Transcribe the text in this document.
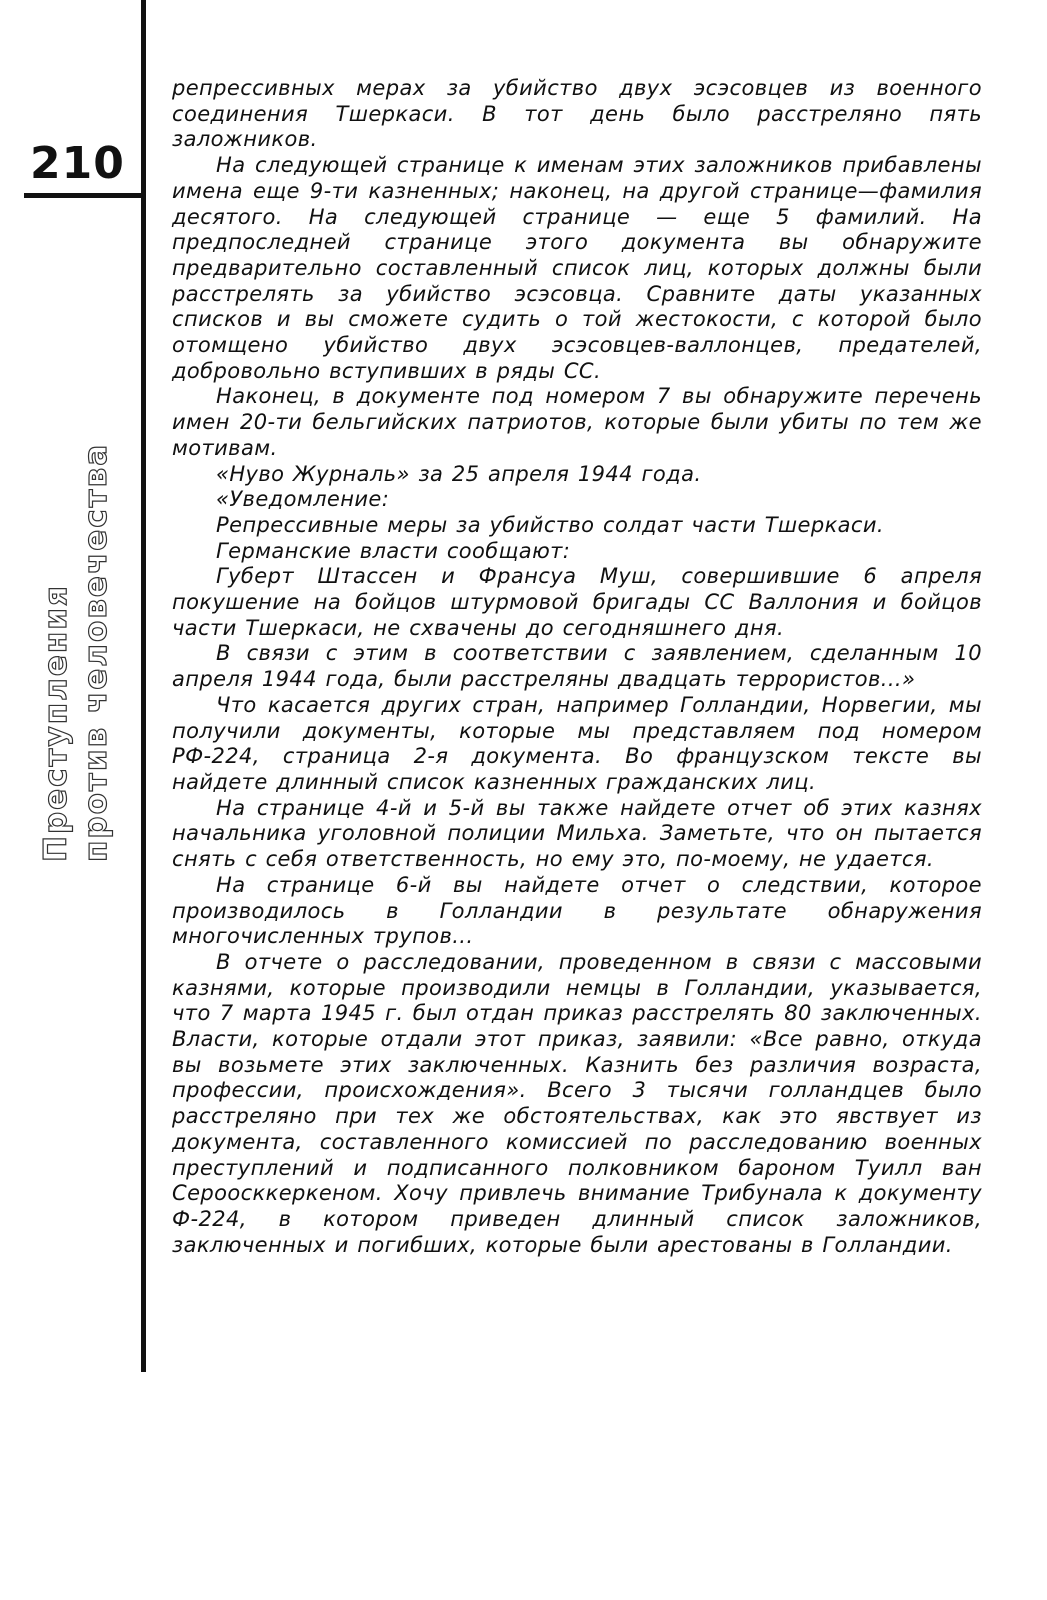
210
Преступления против человечества

репрессивных мерах за убийство двух эсэсовцев из военного соединения Тшеркаси. В тот день было расстреляно пять заложников.

На следующей странице к именам этих заложников прибавлены имена еще 9-ти казненных; наконец, на другой странице—фамилия десятого. На следующей странице — еще 5 фамилий. На предпоследней странице этого документа вы обнаружите предварительно составленный список лиц, которых должны были расстрелять за убийство эсэсовца. Сравните даты указанных списков и вы сможете судить о той жестокости, с которой было отомщено убийство двух эсэсовцев-валлонцев, предателей, добровольно вступивших в ряды СС.

Наконец, в документе под номером 7 вы обнаружите перечень имен 20-ти бельгийских патриотов, которые были убиты по тем же мотивам.

«Нуво Журналь» за 25 апреля 1944 года.

«Уведомление:

Репрессивные меры за убийство солдат части Тшеркаси.

Германские власти сообщают:

Губерт Штассен и Франсуа Муш, совершившие 6 апреля покушение на бойцов штурмовой бригады СС Валлония и бойцов части Тшеркаси, не схвачены до сегодняшнего дня.

В связи с этим в соответствии с заявлением, сделанным 10 апреля 1944 года, были расстреляны двадцать террористов...»

Что касается других стран, например Голландии, Норвегии, мы получили документы, которые мы представляем под номером РФ-224, страница 2-я документа. Во французском тексте вы найдете длинный список казненных гражданских лиц.

На странице 4-й и 5-й вы также найдете отчет об этих казнях начальника уголовной полиции Мильха. Заметьте, что он пытается снять с себя ответственность, но ему это, по-моему, не удается.

На странице 6-й вы найдете отчет о следствии, которое производилось в Голландии в результате обнаружения многочисленных трупов...

В отчете о расследовании, проведенном в связи с массовыми казнями, которые производили немцы в Голландии, указывается, что 7 марта 1945 г. был отдан приказ расстрелять 80 заключенных. Власти, которые отдали этот приказ, заявили: «Все равно, откуда вы возьмете этих заключенных. Казнить без различия возраста, профессии, происхождения». Всего 3 тысячи голландцев было расстреляно при тех же обстоятельствах, как это явствует из документа, составленного комиссией по расследованию военных преступлений и подписанного полковником бароном Туилл ван Сероосккеркеном. Хочу привлечь внимание Трибунала к документу Ф-224, в котором приведен длинный список заложников, заключенных и погибших, которые были арестованы в Голландии.
